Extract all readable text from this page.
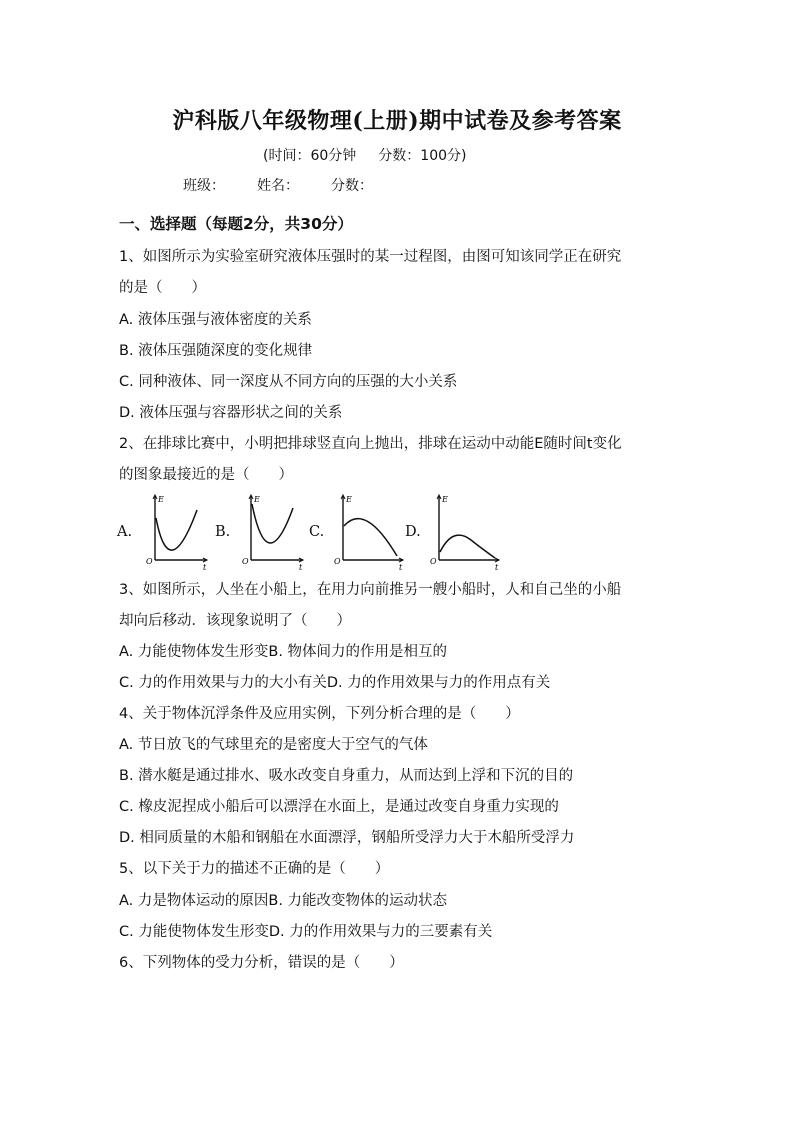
沪科版八年级物理(上册)期中试卷及参考答案
(时间：60分钟 分数：100分)
班级： 姓名： 分数：
一、选择题（每题2分，共30分）
1、如图所示为实验室研究液体压强时的某一过程图，由图可知该同学正在研究
的是（　　）
A. 液体压强与液体密度的关系
B. 液体压强随深度的变化规律
C. 同种液体、同一深度从不同方向的压强的大小关系
D. 液体压强与容器形状之间的关系
2、在排球比赛中，小明把排球竖直向上抛出，排球在运动中动能E随时间t变化
的图象最接近的是（　　）
A.
E
t
O
B.
E
t
O
C.
E
t
O
D.
E
t
O
3、如图所示，人坐在小船上，在用力向前推另一艘小船时，人和自己坐的小船
却向后移动．该现象说明了（　　）
A. 力能使物体发生形变B. 物体间力的作用是相互的
C. 力的作用效果与力的大小有关D. 力的作用效果与力的作用点有关
4、关于物体沉浮条件及应用实例，下列分析合理的是（　　）
A. 节日放飞的气球里充的是密度大于空气的气体
B. 潜水艇是通过排水、吸水改变自身重力，从而达到上浮和下沉的目的
C. 橡皮泥捏成小船后可以漂浮在水面上，是通过改变自身重力实现的
D. 相同质量的木船和钢船在水面漂浮，钢船所受浮力大于木船所受浮力
5、以下关于力的描述不正确的是（　　）
A. 力是物体运动的原因B. 力能改变物体的运动状态
C. 力能使物体发生形变D. 力的作用效果与力的三要素有关
6、下列物体的受力分析，错误的是（　　）
